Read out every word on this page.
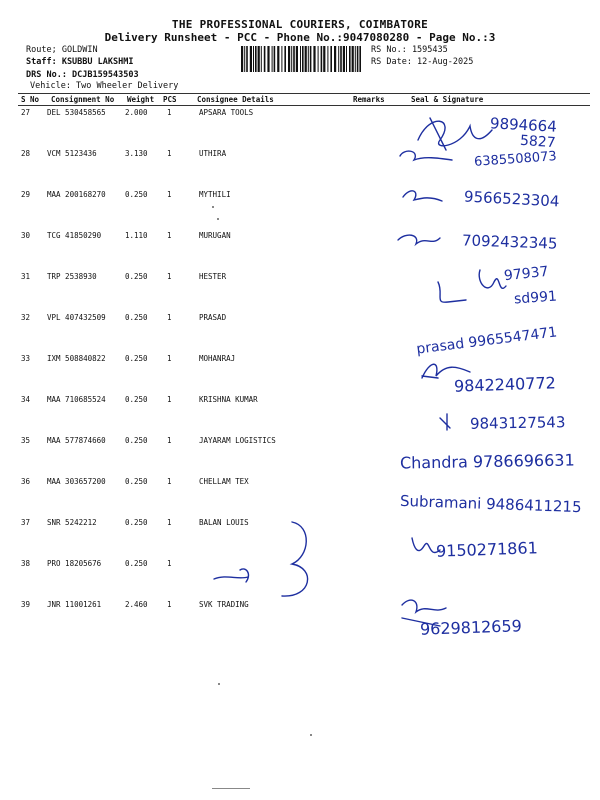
THE PROFESSIONAL COURIERS, COIMBATORE
Delivery Runsheet - PCC - Phone No.:9047080280 - Page No.:3
Route; GOLDWIN
Staff: KSUBBU LAKSHMI
DRS No.: DCJB159543503
Vehicle: Two Wheeler Delivery
RS No.: 1595435
RS Date: 12-Aug-2025
S No Consignment No Weight PCS	Consignee Details	Remarks	Seal & Signature
27 DEL 530458565	2.000	1	APSARA TOOLS
28 VCM 5123436	3.130	1	UTHIRA
29 MAA 200168270	0.250	1	MYTHILI
30 TCG 41850290	1.110	1	MURUGAN
31 TRP 2538930	0.250	1	HESTER
32 VPL 407432509	0.250	1	PRASAD
33 IXM 508840822	0.250	1	MOHANRAJ
34 MAA 710685524	0.250	1	KRISHNA KUMAR
35 MAA 577874660	0.250	1	JAYARAM LOGISTICS
36 MAA 303657200	0.250	1	CHELLAM TEX
37 SNR 5242212	0.250	1	BALAN LOUIS
38 PRO 18205676	0.250	1
39 JNR 11001261	2.460	1	SVK TRADING
9894664
5827
6385508073
9566523304
7092432345
97937
sd991
prasad 9965547471
9842240772
9843127543
Chandra 9786696631
Subramani 9486411215
9150271861
9629812659
